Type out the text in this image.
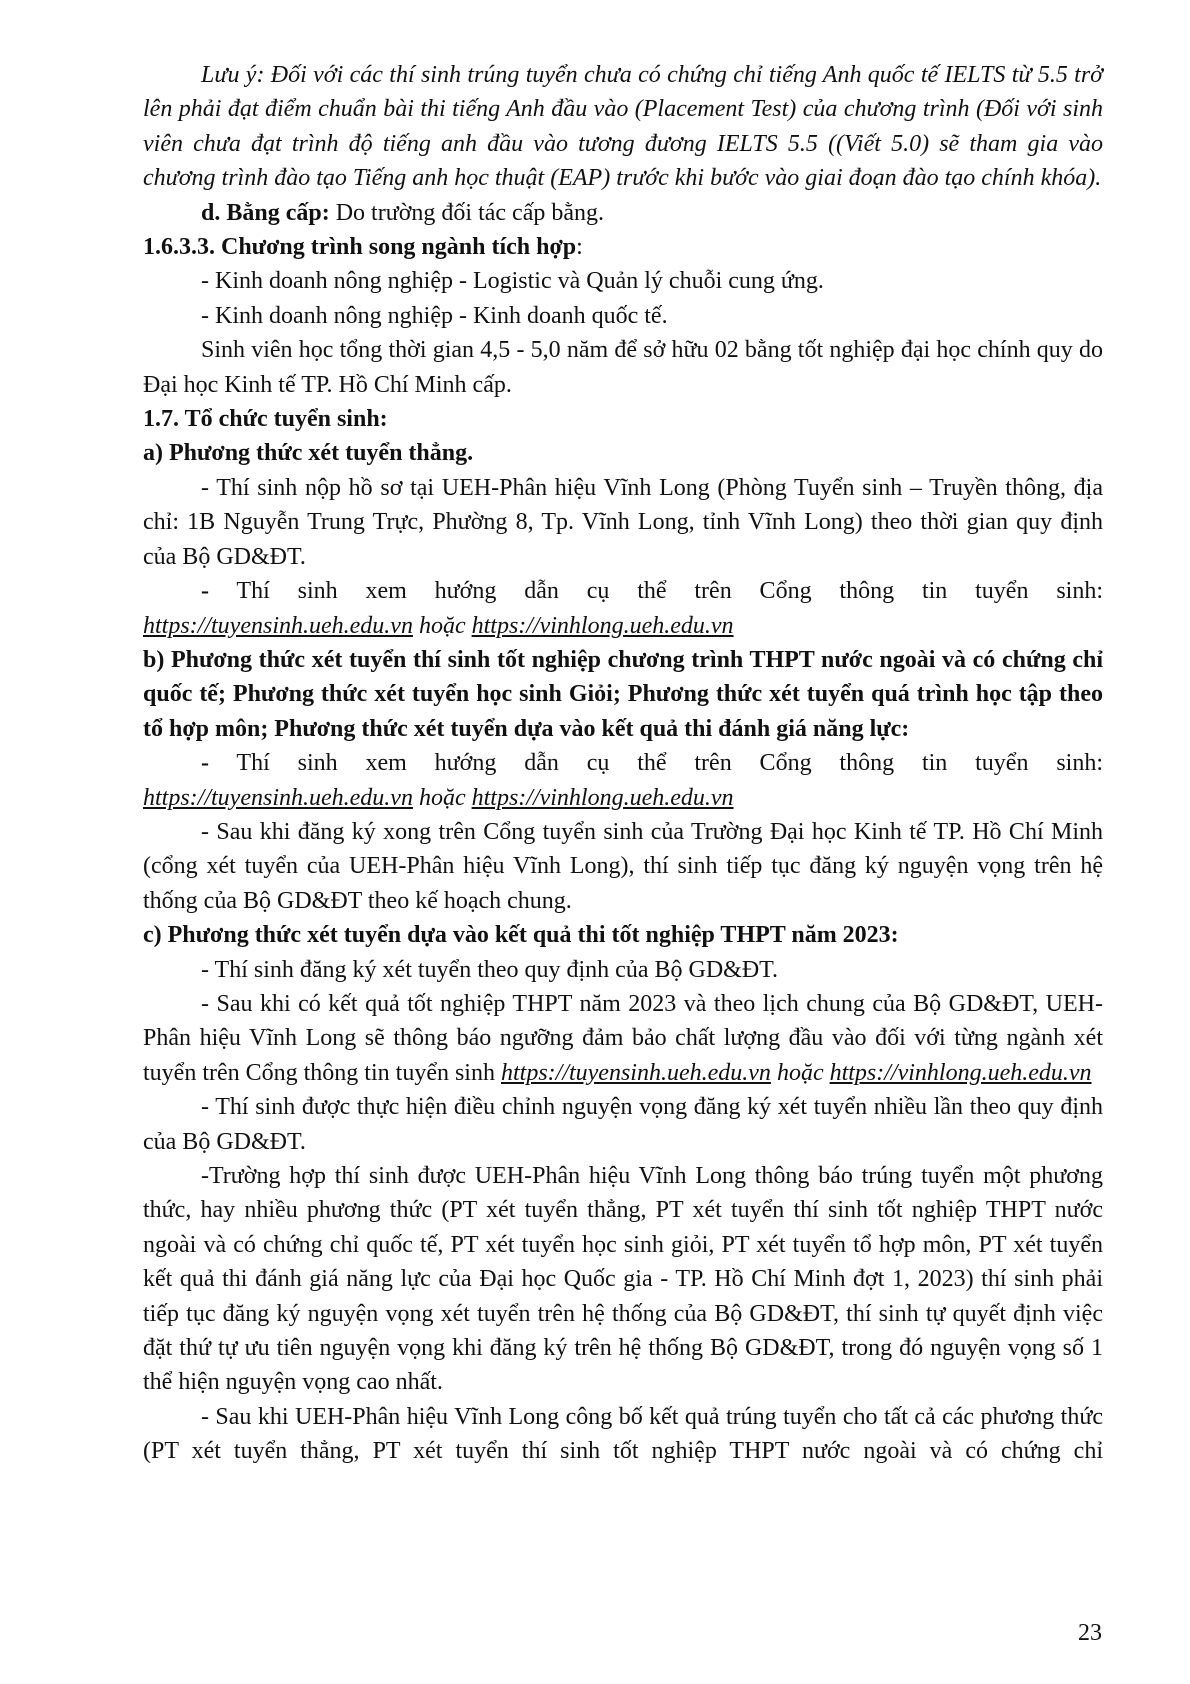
Lưu ý: Đối với các thí sinh trúng tuyển chưa có chứng chỉ tiếng Anh quốc tế IELTS từ 5.5 trở lên phải đạt điểm chuẩn bài thi tiếng Anh đầu vào (Placement Test) của chương trình (Đối với sinh viên chưa đạt trình độ tiếng anh đầu vào tương đương IELTS 5.5 ((Viết 5.0) sẽ tham gia vào chương trình đào tạo Tiếng anh học thuật (EAP) trước khi bước vào giai đoạn đào tạo chính khóa).

d. Bằng cấp: Do trường đối tác cấp bằng.

1.6.3.3. Chương trình song ngành tích hợp:

- Kinh doanh nông nghiệp - Logistic và Quản lý chuỗi cung ứng.

- Kinh doanh nông nghiệp - Kinh doanh quốc tế.

Sinh viên học tổng thời gian 4,5 - 5,0 năm để sở hữu 02 bằng tốt nghiệp đại học chính quy do Đại học Kinh tế TP. Hồ Chí Minh cấp.

1.7. Tổ chức tuyển sinh:

a) Phương thức xét tuyển thẳng.

- Thí sinh nộp hồ sơ tại UEH-Phân hiệu Vĩnh Long (Phòng Tuyển sinh – Truyền thông, địa chỉ: 1B Nguyễn Trung Trực, Phường 8, Tp. Vĩnh Long, tỉnh Vĩnh Long) theo thời gian quy định của Bộ GD&ĐT.

- Thí sinh xem hướng dẫn cụ thể trên Cổng thông tin tuyển sinh:

https://tuyensinh.ueh.edu.vn hoặc https://vinhlong.ueh.edu.vn

b) Phương thức xét tuyển thí sinh tốt nghiệp chương trình THPT nước ngoài và có chứng chỉ quốc tế; Phương thức xét tuyển học sinh Giỏi; Phương thức xét tuyển quá trình học tập theo tổ hợp môn; Phương thức xét tuyển dựa vào kết quả thi đánh giá năng lực:

- Thí sinh xem hướng dẫn cụ thể trên Cổng thông tin tuyển sinh:

https://tuyensinh.ueh.edu.vn hoặc https://vinhlong.ueh.edu.vn

- Sau khi đăng ký xong trên Cổng tuyển sinh của Trường Đại học Kinh tế TP. Hồ Chí Minh (cổng xét tuyển của UEH-Phân hiệu Vĩnh Long), thí sinh tiếp tục đăng ký nguyện vọng trên hệ thống của Bộ GD&ĐT theo kế hoạch chung.

c) Phương thức xét tuyển dựa vào kết quả thi tốt nghiệp THPT năm 2023:

- Thí sinh đăng ký xét tuyển theo quy định của Bộ GD&ĐT.

- Sau khi có kết quả tốt nghiệp THPT năm 2023 và theo lịch chung của Bộ GD&ĐT, UEH-Phân hiệu Vĩnh Long sẽ thông báo ngưỡng đảm bảo chất lượng đầu vào đối với từng ngành xét tuyển trên Cổng thông tin tuyển sinh https://tuyensinh.ueh.edu.vn hoặc https://vinhlong.ueh.edu.vn

- Thí sinh được thực hiện điều chỉnh nguyện vọng đăng ký xét tuyển nhiều lần theo quy định của Bộ GD&ĐT.

-Trường hợp thí sinh được UEH-Phân hiệu Vĩnh Long thông báo trúng tuyển một phương thức, hay nhiều phương thức (PT xét tuyển thẳng, PT xét tuyển thí sinh tốt nghiệp THPT nước ngoài và có chứng chỉ quốc tế, PT xét tuyển học sinh giỏi, PT xét tuyển tổ hợp môn, PT xét tuyển kết quả thi đánh giá năng lực của Đại học Quốc gia - TP. Hồ Chí Minh đợt 1, 2023) thí sinh phải tiếp tục đăng ký nguyện vọng xét tuyển trên hệ thống của Bộ GD&ĐT, thí sinh tự quyết định việc đặt thứ tự ưu tiên nguyện vọng khi đăng ký trên hệ thống Bộ GD&ĐT, trong đó nguyện vọng số 1 thể hiện nguyện vọng cao nhất.

- Sau khi UEH-Phân hiệu Vĩnh Long công bố kết quả trúng tuyển cho tất cả các phương thức (PT xét tuyển thẳng, PT xét tuyển thí sinh tốt nghiệp THPT nước ngoài và có chứng chỉ

23
